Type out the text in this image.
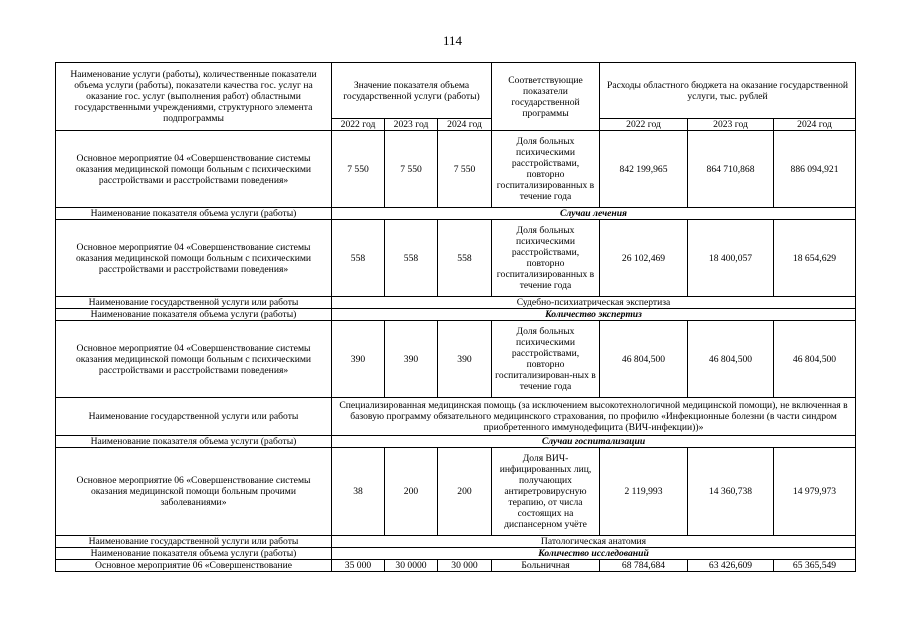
114
Наименование услуги (работы), количественные показатели объема услуги (работы), показатели качества гос. услуг на оказание гос. услуг (выполнения работ) областными государственными учреждениями, структурного элемента подпрограммы	Значение показателя объема государственной услуги (работы)			Соответствующие показатели государственной программы	Расходы областного бюджета на оказание государственной услуги, тыс. рублей		
	2022 год	2023 год	2024 год		2022 год	2023 год	2024 год
Основное мероприятие 04 «Совершенствование системы оказания медицинской помощи больным с психическими расстройствами и расстройствами поведения»	7 550	7 550	7 550	Доля больных психическими расстройствами, повторно госпитализированных в течение года	842 199,965	864 710,868	886 094,921
Наименование показателя объема услуги (работы)	Случаи лечения						
Основное мероприятие 04 «Совершенствование системы оказания медицинской помощи больным с психическими расстройствами и расстройствами поведения»	558	558	558	Доля больных психическими расстройствами, повторно госпитализированных в течение года	26 102,469	18 400,057	18 654,629
Наименование государственной услуги или работы	Судебно-психиатрическая экспертиза						
Наименование показателя объема услуги (работы)	Количество экспертиз						
Основное мероприятие 04 «Совершенствование системы оказания медицинской помощи больным с психическими расстройствами и расстройствами поведения»	390	390	390	Доля больных психическими расстройствами, повторно госпитализирован-ных в течение года	46 804,500	46 804,500	46 804,500
Наименование государственной услуги или работы	Специализированная медицинская помощь (за исключением высокотехнологичной медицинской помощи), не включенная в базовую программу обязательного медицинского страхования, по профилю «Инфекционные болезни (в части синдром приобретенного иммунодефицита (ВИЧ-инфекции))»						
Наименование показателя объема услуги (работы)	Случаи госпитализации						
Основное мероприятие 06 «Совершенствование системы оказания медицинской помощи больным прочими заболеваниями»	38	200	200	Доля ВИЧ-инфицированных лиц, получающих антиретровирусную терапию, от числа состоящих на диспансерном учёте	2 119,993	14 360,738	14 979,973
Наименование государственной услуги или работы	Патологическая анатомия						
Наименование показателя объема услуги (работы)	Количество исследований						
Основное мероприятие 06 «Совершенствование	35 000	30 0000	30 000	Больничная	68 784,684	63 426,609	65 365,549
